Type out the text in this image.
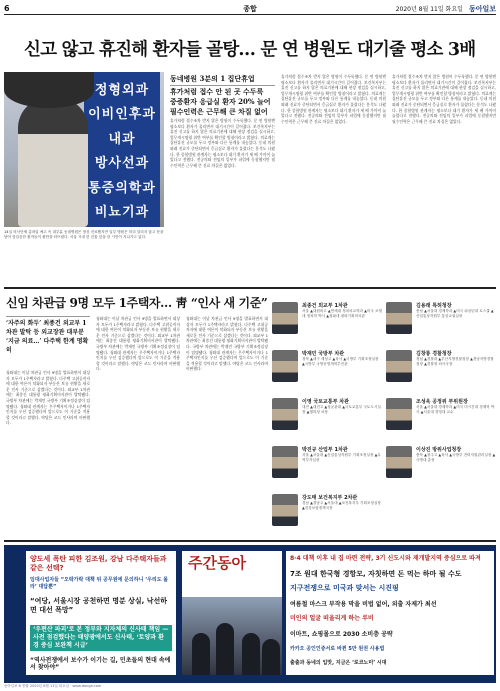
6	종합	2020년 8월 11일 화요일 동아일보
신고 않고 휴진해 환자들 골탕… 문 연 병원도 대기줄 평소 3배
정형외과
이비인후과
내과
방사선과
통증의학과
비뇨기과
14일 의사단체 총파업 예고 속 대부분 동네병원은 정상 진료했지만 일부 병원은 미리 알리지 않고 문을 닫아 헛걸음한 환자들이 불만을 터뜨렸다. 서울 시내 한 건물 앞을 한 시민이 지나가고 있다.
동네병원 3분의 1 집단휴업
휴가처럼 접수 안 된 곳 수두룩
중증환자 응급실 환자 20% 늘어
필수인력은 근무해 큰 차질 없어
휴가처럼 접수조차 받지 않은 병원이 수두룩했다. 문 연 병원엔 평소보다 환자가 몰리면서 대기시간이 길어졌다. 보건복지부는 휴진 신고를 하지 않은 의료기관에 대해 현장 점검을 실시하고, 업무개시명령 위반 여부를 확인할 방침이라고 밝혔다. 의료계는 집단휴진 규모를 두고 정부와 다른 통계를 내놓았다. 동네 의원 외래 진료가 중단되면서 응급실로 환자가 몰렸다는 분석도 나왔다. 한 종합병원 관계자는 평소보다 대기 환자가 세 배 가까이 늘었다고 전했다. 전공의와 전임의 일부가 파업에 동참했지만 필수인력은 근무해 큰 진료 차질은 없었다.
휴가처럼 접수조차 받지 않은 병원이 수두룩했다. 문 연 병원엔 평소보다 환자가 몰리면서 대기시간이 길어졌다. 보건복지부는 휴진 신고를 하지 않은 의료기관에 대해 현장 점검을 실시하고, 업무개시명령 위반 여부를 확인할 방침이라고 밝혔다. 의료계는 집단휴진 규모를 두고 정부와 다른 통계를 내놓았다. 동네 의원 외래 진료가 중단되면서 응급실로 환자가 몰렸다는 분석도 나왔다. 한 종합병원 관계자는 평소보다 대기 환자가 세 배 가까이 늘었다고 전했다. 전공의와 전임의 일부가 파업에 동참했지만 필수인력은 근무해 큰 진료 차질은 없었다.
휴가처럼 접수조차 받지 않은 병원이 수두룩했다. 문 연 병원엔 평소보다 환자가 몰리면서 대기시간이 길어졌다. 보건복지부는 휴진 신고를 하지 않은 의료기관에 대해 현장 점검을 실시하고, 업무개시명령 위반 여부를 확인할 방침이라고 밝혔다. 의료계는 집단휴진 규모를 두고 정부와 다른 통계를 내놓았다. 동네 의원 외래 진료가 중단되면서 응급실로 환자가 몰렸다는 분석도 나왔다. 한 종합병원 관계자는 평소보다 대기 환자가 세 배 가까이 늘었다고 전했다. 전공의와 전임의 일부가 파업에 동참했지만 필수인력은 근무해 큰 진료 차질은 없었다.
신임 차관급 9명 모두 1주택자… 靑 “인사 새 기준”
‘자주의 화두’ 최종건 외교부 1차관 발탁 등 외교장관 대부분 ‘지금 의료…’ 다주택 한계 명확히
청와대는 이날 차관급 인사 9명을 발표하면서 대상자 모두가 1주택자라고 밝혔다. 다주택 고위공직자에 대한 여론이 악화되자 부동산 보유 현황을 새로운 인사 기준으로 삼겠다는 것이다. 외교부 1차관에는 최종건 대통령 평화기획비서관이 발탁됐다. 국방부 차관에는 박재민 국방부 기획조정실장이 임명됐다. 청와대 관계자는 무주택자이거나 1주택자인지를 우선 검증했다며 앞으로도 이 기준을 적용할 것이라고 말했다. 야당은 코드 인사라며 비판했다.
청와대는 이날 차관급 인사 9명을 발표하면서 대상자 모두가 1주택자라고 밝혔다. 다주택 고위공직자에 대한 여론이 악화되자 부동산 보유 현황을 새로운 인사 기준으로 삼겠다는 것이다. 외교부 1차관에는 최종건 대통령 평화기획비서관이 발탁됐다. 국방부 차관에는 박재민 국방부 기획조정실장이 임명됐다. 청와대 관계자는 무주택자이거나 1주택자인지를 우선 검증했다며 앞으로도 이 기준을 적용할 것이라고 말했다. 야당은 코드 인사라며 비판했다.
청와대는 이날 차관급 인사 9명을 발표하면서 대상자 모두가 1주택자라고 밝혔다. 다주택 고위공직자에 대한 여론이 악화되자 부동산 보유 현황을 새로운 인사 기준으로 삼겠다는 것이다. 외교부 1차관에는 최종건 대통령 평화기획비서관이 발탁됐다. 국방부 차관에는 박재민 국방부 기획조정실장이 임명됐다. 청와대 관계자는 무주택자이거나 1주택자인지를 우선 검증했다며 앞으로도 이 기준을 적용할 것이라고 말했다. 야당은 코드 인사라며 비판했다.
최종건 외교부 1차관
서울 ▲대원외고 ▲연세대 정치외교학과 ▲미국 코넬대 정치학 박사 ▲청와대 평화기획비서관
김용래 특허청장
충남 ▲서울대 경제학과 ▲미국 워싱턴대 로스쿨 ▲산업통상자원부 통상교섭실장
박재민 국방부 차관
경북 ▲대구 계성고 ▲육사 ▲국방부 기획조정실장 ▲국방부 국방운영개혁추진관
김창룡 경찰청장
경남 ▲경찰대 ▲부산지방경찰청장 ▲경남지방경찰청장 ▲경찰청 외사국장
이영 국토교통부 차관
대전 ▲대전고 ▲성균관대 ▲국토교통부 국토도시실장 ▲행복청 차장
조성욱 공정위 부위원장
서울 ▲서울대 경제학과 ▲미국 미시간대 경제학 박사 ▲서울대 경영대 교수
박진규 산업부 1차관
서울 ▲서울대 ▲산업통상자원부 기획조정실장 ▲무역투자실장
이상진 방위사업청장
충북 ▲청주고 ▲육사 ▲국방부 전력자원관리실장 ▲국방대 총장
강도태 보건복지부 2차관
경남 ▲경남고 ▲서울대 ▲보건복지부 기획조정실장 ▲건강보험정책국장
양도세 폭탄 피한 김조원, 강남 다주택자들과 같은 선택?
임대사업자들 “오락가락 대책 뒤 공무원에 문의하니 ‘우리도 몰라’ 대답뿐”
“여당, 서울시장 공천하면 명분 상실, 낙선하면 대선 폭망”
‘우편산 파괴’로 본 정부와 지자체의 신사태 책임 — 사전 점검했다는 태양광에서도 신사태, ‘토양과 환경 중심 보완책 시급’
“역사전쟁에서 보수가 이기는 길, 민초들의 현대 속에서 찾아야”
주간동아	8·4 대책 이후 내 집 마련 전략, 3기 신도시와 재개발지역 중심으로 따져
7조 원대 한국형 경항모, 자칫하면 돈 먹는 하마 될 수도
지구전쟁으로 미국과 맞서는 시진핑
여름철 마스크 부작용 막을 비법 없어, 외출 자제가 최선
미인의 얼굴 떠올리게 하는 루비
이마트, 쇼핑몰으로 2030 소비층 공략
카카오 공인인증서로 바뀐 5만 원권 사용법
출출과 동네의 입맛, 지금은 ‘로코노미’ 시대
동아일보 6 종합 2020년 8월 11일 화요일 · www.donga.com
